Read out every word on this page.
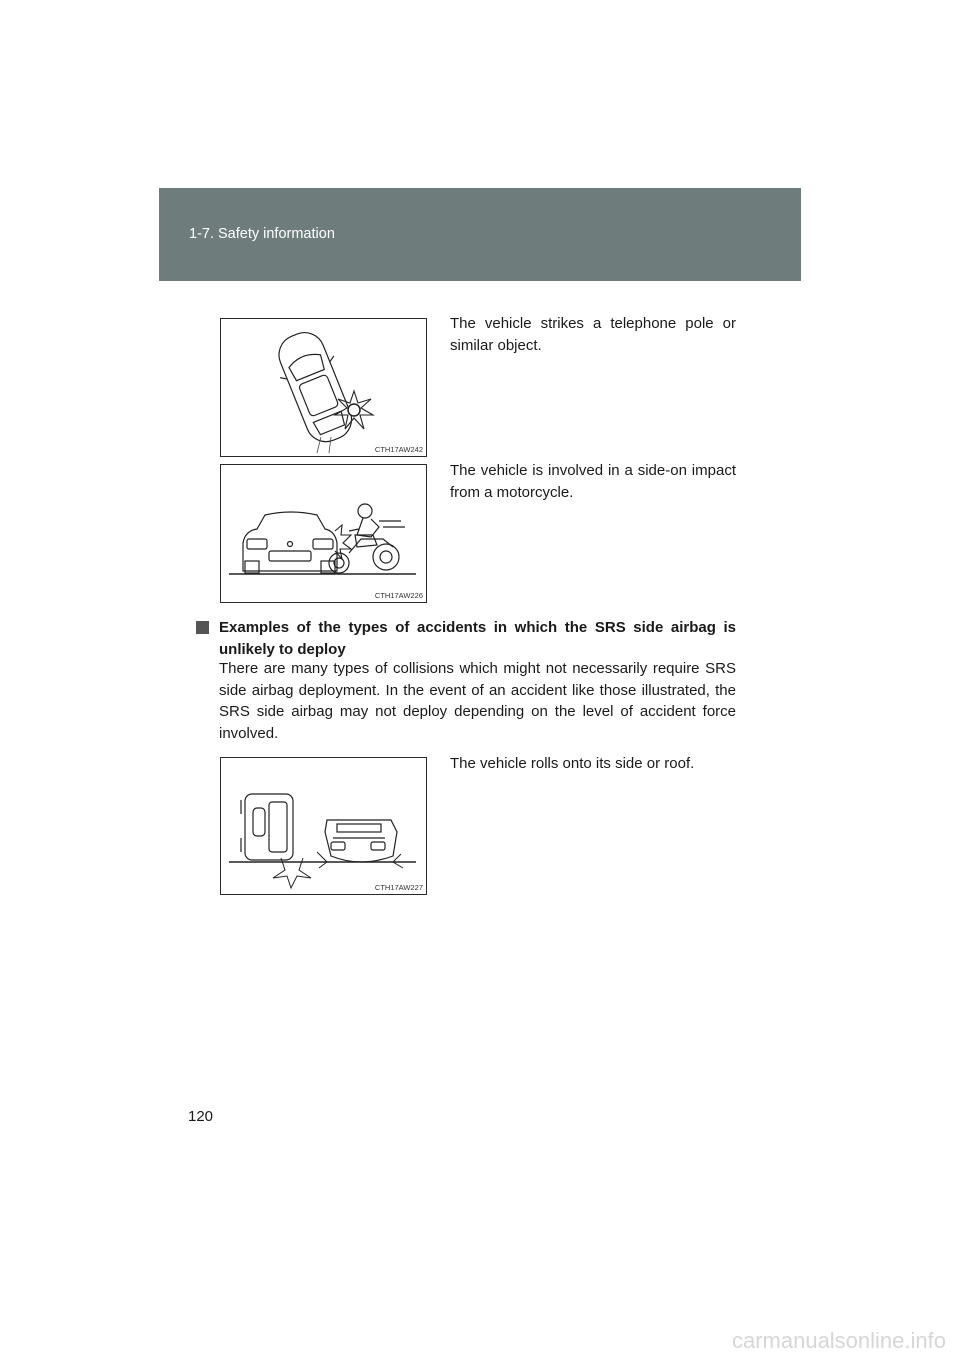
1-7. Safety information
CTH17AW242
The vehicle strikes a telephone pole or similar object.
CTH17AW226
The vehicle is involved in a side-on impact from a motorcycle.
Examples of the types of accidents in which the SRS side airbag is unlikely to deploy
There are many types of collisions which might not necessarily require SRS side airbag deployment. In the event of an accident like those illustrated, the SRS side airbag may not deploy depending on the level of accident force involved.
CTH17AW227
The vehicle rolls onto its side or roof.
120
carmanualsonline.info
